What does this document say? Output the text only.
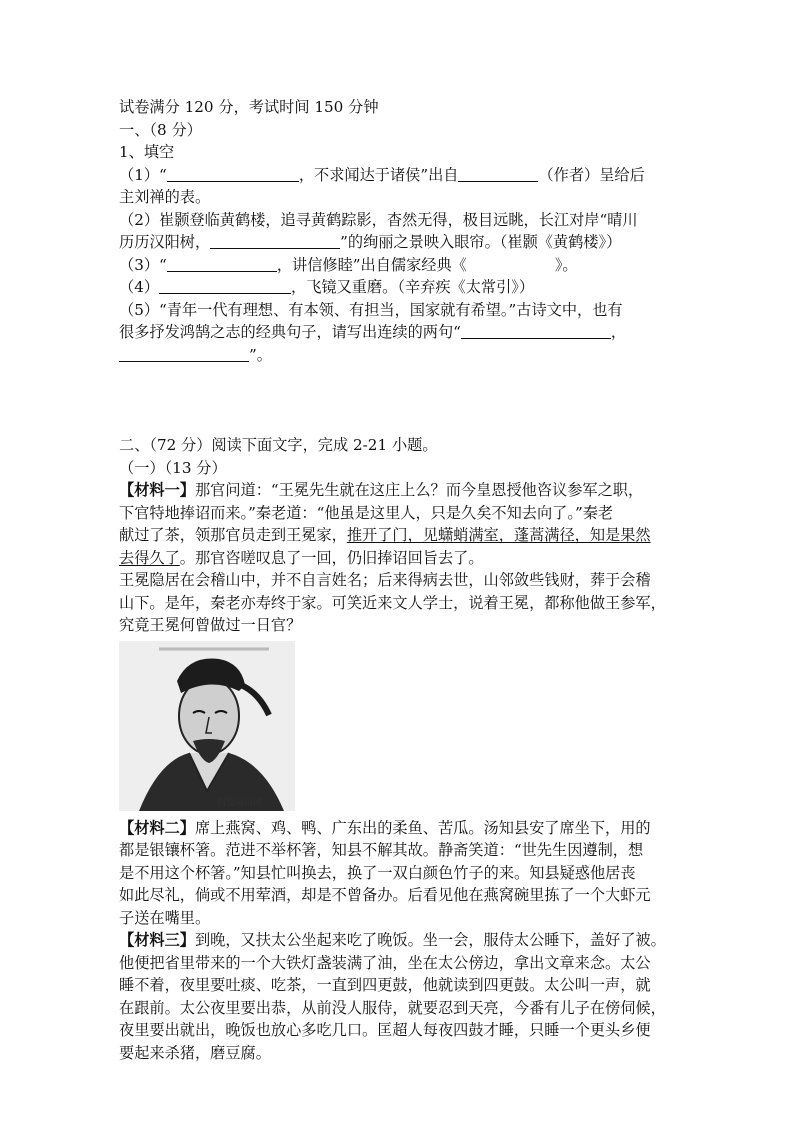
试卷满分 120 分，考试时间 150 分钟
一、（8 分）
1、填空
（1）“	，不求闻达于诸侯”出自	（作者）呈给后
主刘禅的表。
（2）崔颢登临黄鹤楼，追寻黄鹤踪影，杳然无得，极目远眺，长江对岸“晴川
历历汉阳树，	”的绚丽之景映入眼帘。（崔颢《黄鹤楼》）
（3）“	，讲信修睦”出自儒家经典《	》。
（4）	，飞镜又重磨。（辛弃疾《太常引》）
（5）“青年一代有理想、有本领、有担当，国家就有希望。”古诗文中，也有
很多抒发鸿鹄之志的经典句子，请写出连续的两句“	，
”。
二、（72 分）阅读下面文字，完成 2-21 小题。
（一）（13 分）
【材料一】那官问道：“王冕先生就在这庄上么？而今皇恩授他咨议参军之职，
下官特地捧诏而来。”秦老道：“他虽是这里人，只是久矣不知去向了。”秦老
献过了茶，领那官员走到王冕家，推开了门，见蟏蛸满室，蓬蒿满径，知是果然
去得久了。那官咨嗟叹息了一回，仍旧捧诏回旨去了。
王冕隐居在会稽山中，并不自言姓名；后来得病去世，山邻敛些钱财，葬于会稽
山下。是年，秦老亦寿终于家。可笑近来文人学士，说着王冕，都称他做王参军，
究竟王冕何曾做过一日官？
四望司川河
【材料二】席上燕窝、鸡、鸭、广东出的柔鱼、苦瓜。汤知县安了席坐下，用的
都是银镶杯箸。范进不举杯箸，知县不解其故。静斋笑道：“世先生因遵制，想
是不用这个杯箸。”知县忙叫换去，换了一双白颜色竹子的来。知县疑惑他居丧
如此尽礼，倘或不用荤酒，却是不曾备办。后看见他在燕窝碗里拣了一个大虾元
子送在嘴里。
【材料三】到晚，又扶太公坐起来吃了晚饭。坐一会，服侍太公睡下，盖好了被。
他便把省里带来的一个大铁灯盏装满了油，坐在太公傍边，拿出文章来念。太公
睡不着，夜里要吐痰、吃茶，一直到四更鼓，他就读到四更鼓。太公叫一声，就
在跟前。太公夜里要出恭，从前没人服侍，就要忍到天亮，今番有儿子在傍伺候，
夜里要出就出，晚饭也放心多吃几口。匡超人每夜四鼓才睡，只睡一个更头乡便
要起来杀猪，磨豆腐。
